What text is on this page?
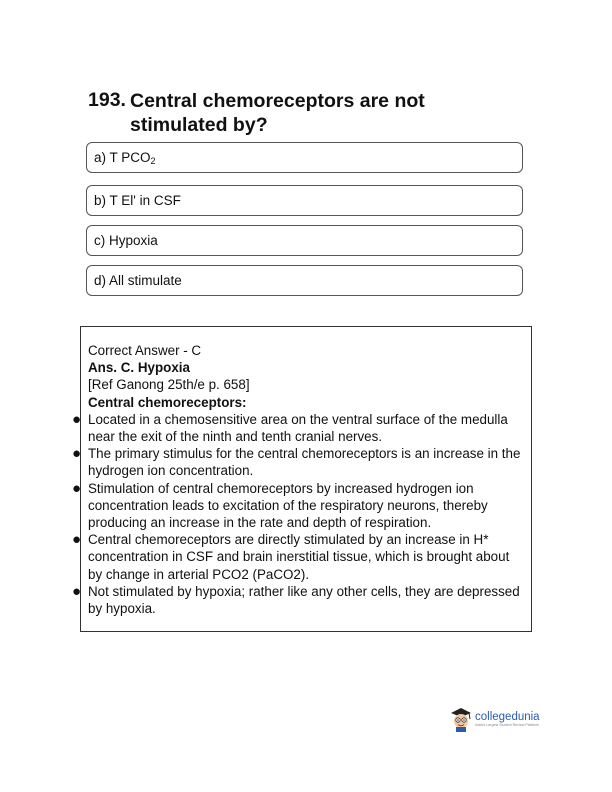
193. Central chemoreceptors are not stimulated by?
a) T $PCO_2$
b) T El' in CSF
c) Hypoxia
d) All stimulate

Correct Answer - C

Ans. C. Hypoxia

[Ref Ganong 25th/e p. 658]

Central chemoreceptors:

● Located in a chemosensitive area on the ventral surface of the medulla near the exit of the ninth and tenth cranial nerves.
● The primary stimulus for the central chemoreceptors is an increase in the hydrogen ion concentration.
● Stimulation of central chemoreceptors by increased hydrogen ion concentration leads to excitation of the respiratory neurons, thereby producing an increase in the rate and depth of respiration.
● Central chemoreceptors are directly stimulated by an increase in H* concentration in CSF and brain inerstitial tissue, which is brought about by change in arterial PCO2 (PaCO2).
● Not stimulated by hypoxia; rather like any other cells, they are depressed by hypoxia.
collegedunia
India's Largest Student Review Platform
